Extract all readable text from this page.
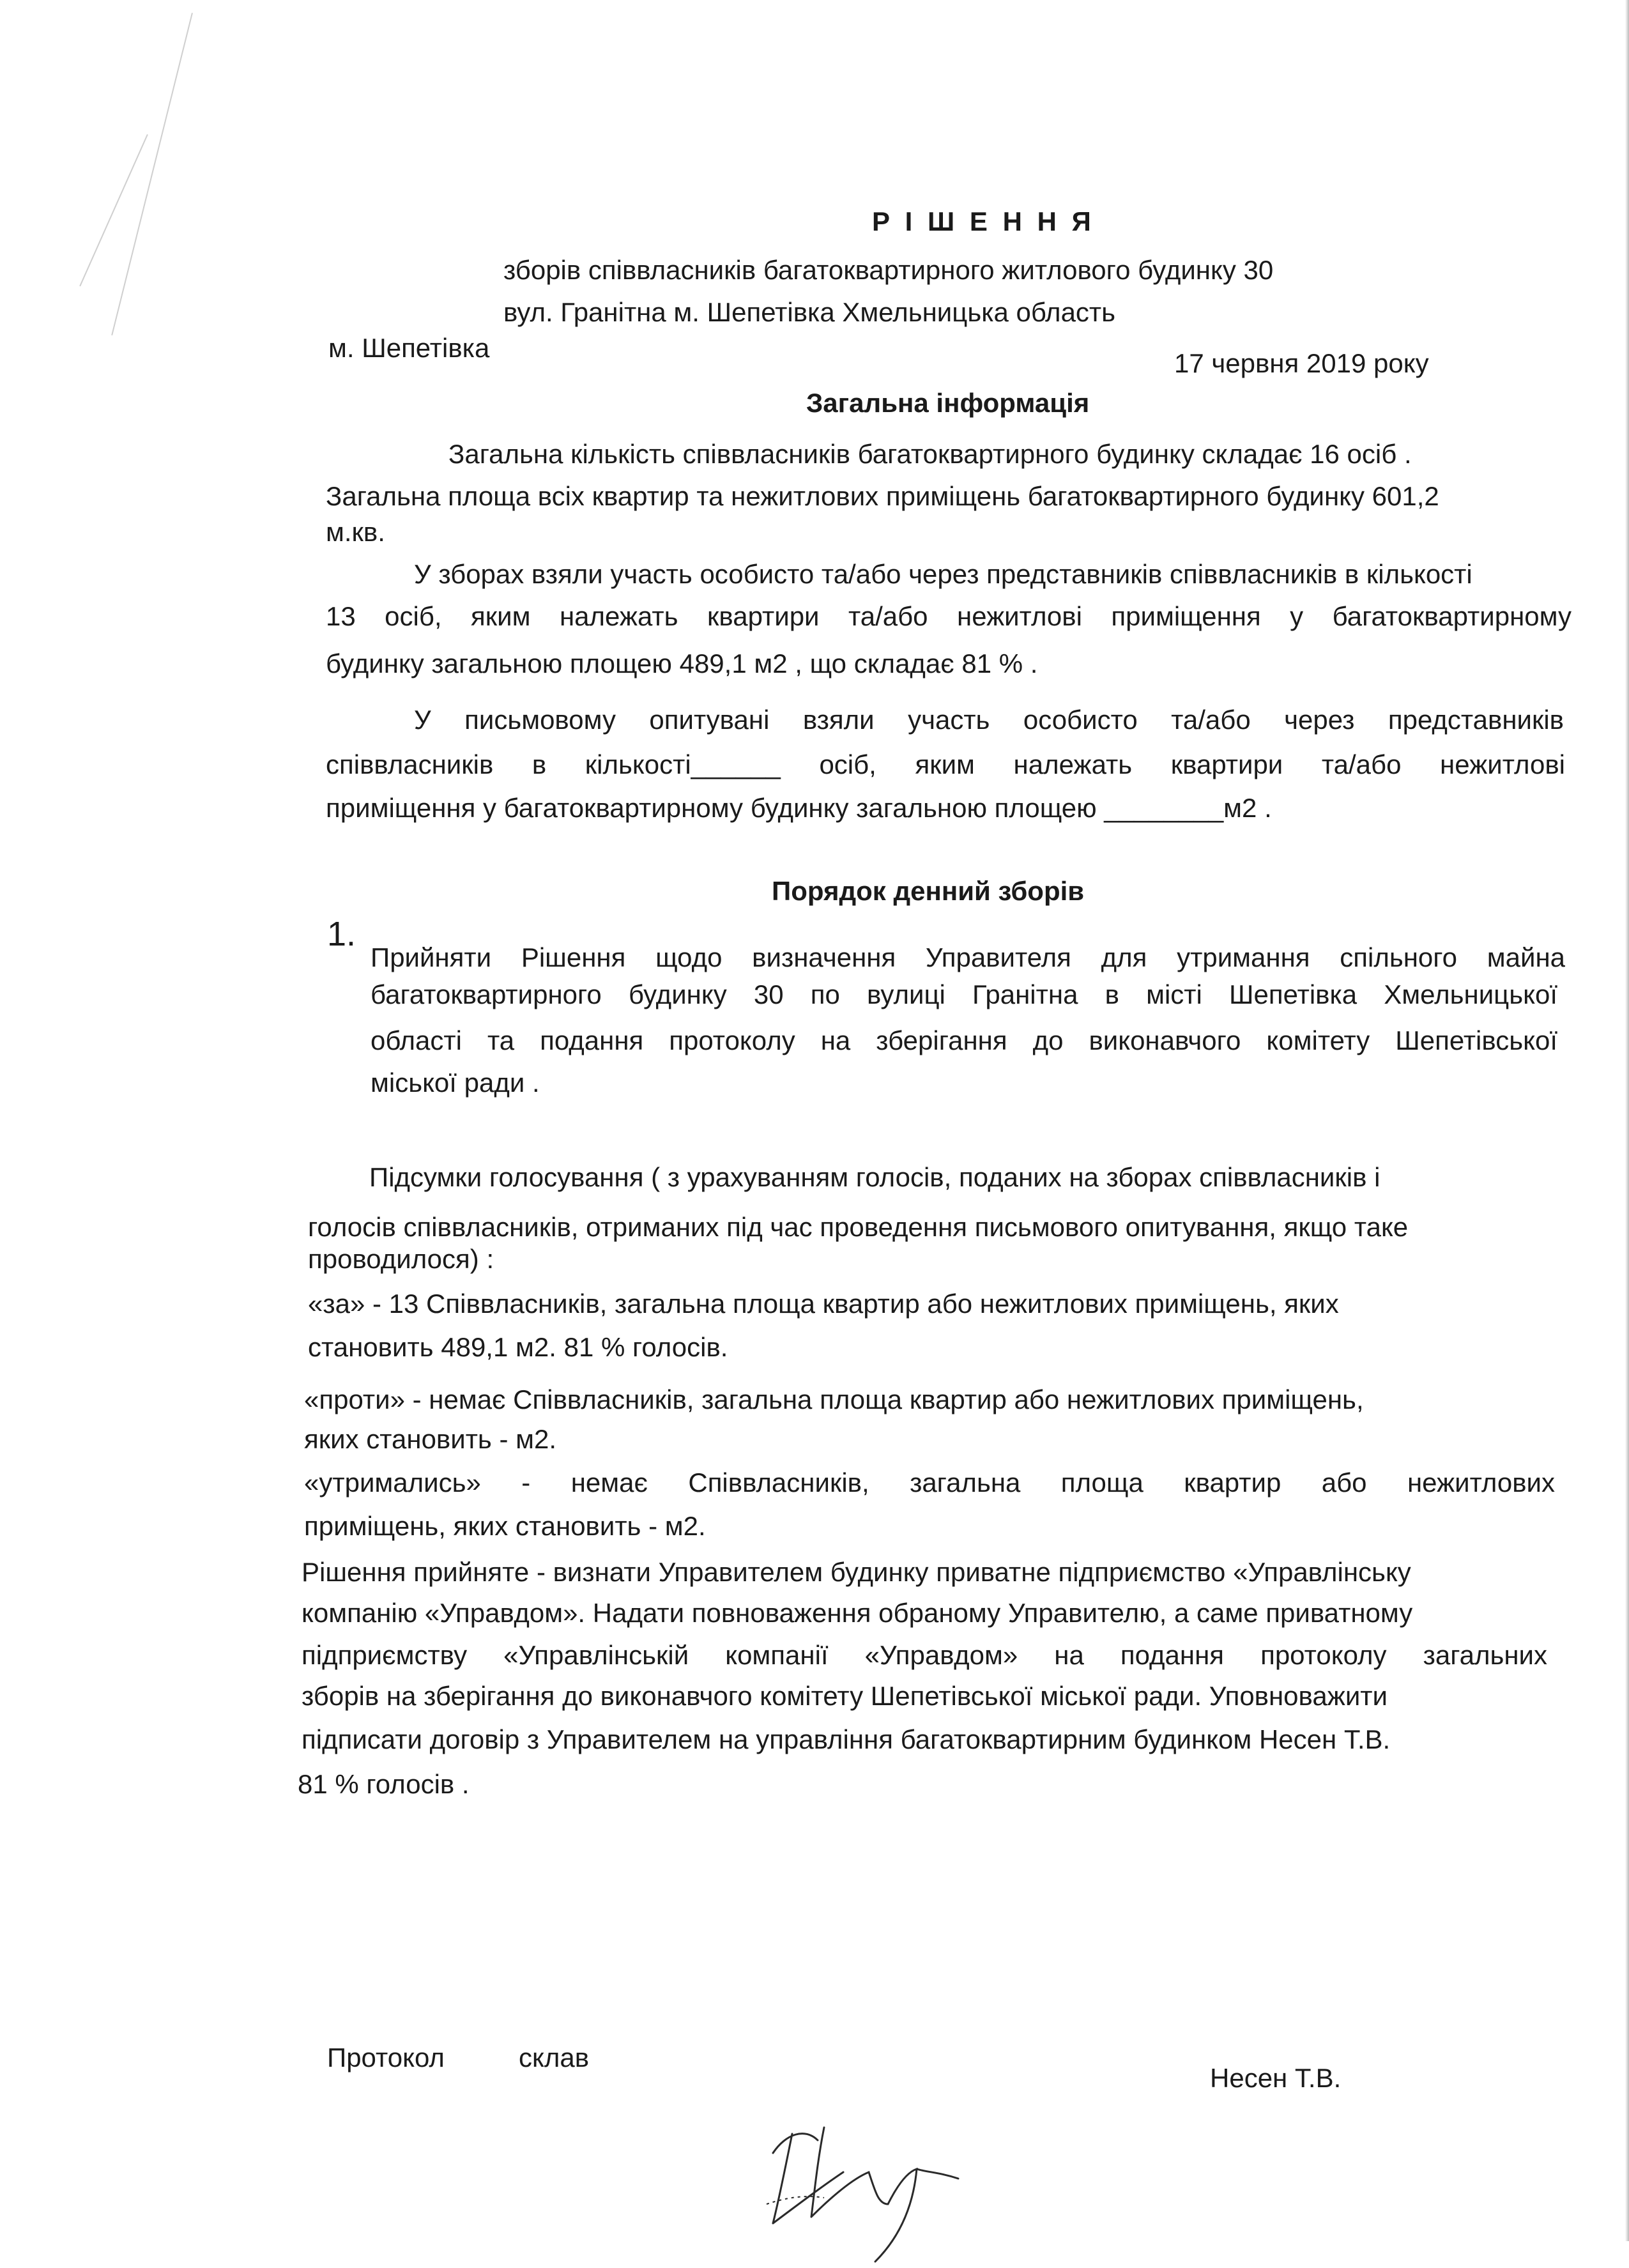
Р І Ш Е Н Н Я
зборів співвласників багатоквартирного житлового будинку 30
вул. Гранітна м. Шепетівка Хмельницька область
м. Шепетівка
17 червня 2019 року
Загальна інформація
Загальна кількість співвласників багатоквартирного будинку складає 16 осіб .
Загальна площа всіх квартир та нежитлових приміщень багатоквартирного будинку 601,2
м.кв.
У зборах взяли участь особисто та/або через представників співвласників в кількості
13 осіб, яким належать квартири та/або нежитлові приміщення у багатоквартирному
будинку загальною площею 489,1 м2 , що складає 81 % .
У письмовому опитувані взяли участь особисто та/або через представників
співвласників в кількості______ осіб, яким належать квартири та/або нежитлові
приміщення у багатоквартирному будинку загальною площею ________м2 .
Порядок денний зборів
1.
Прийняти Рішення щодо визначення Управителя для утримання спільного майна
багатоквартирного будинку 30 по вулиці Гранітна в місті Шепетівка Хмельницької
області та подання протоколу на зберігання до виконавчого комітету Шепетівської
міської ради .
Підсумки голосування ( з урахуванням голосів, поданих на зборах співвласників і
голосів співвласників, отриманих під час проведення письмового опитування, якщо таке
проводилося) :
«за» - 13 Співвласників, загальна площа квартир або нежитлових приміщень, яких
становить 489,1 м2. 81 % голосів.
«проти» - немає Співвласників, загальна площа квартир або нежитлових приміщень,
яких становить - м2.
«утримались» - немає Співвласників, загальна площа квартир або нежитлових
приміщень, яких становить - м2.
Рішення прийняте - визнати Управителем будинку приватне підприємство «Управлінську
компанію «Управдом». Надати повноваження обраному Управителю, а саме приватному
підприємству «Управлінській компанії «Управдом» на подання протоколу загальних
зборів на зберігання до виконавчого комітету Шепетівської міської ради. Уповноважити
підписати договір з Управителем на управління багатоквартирним будинком Несен Т.В.
81 % голосів .
Протокол	склав
Несен Т.В.
